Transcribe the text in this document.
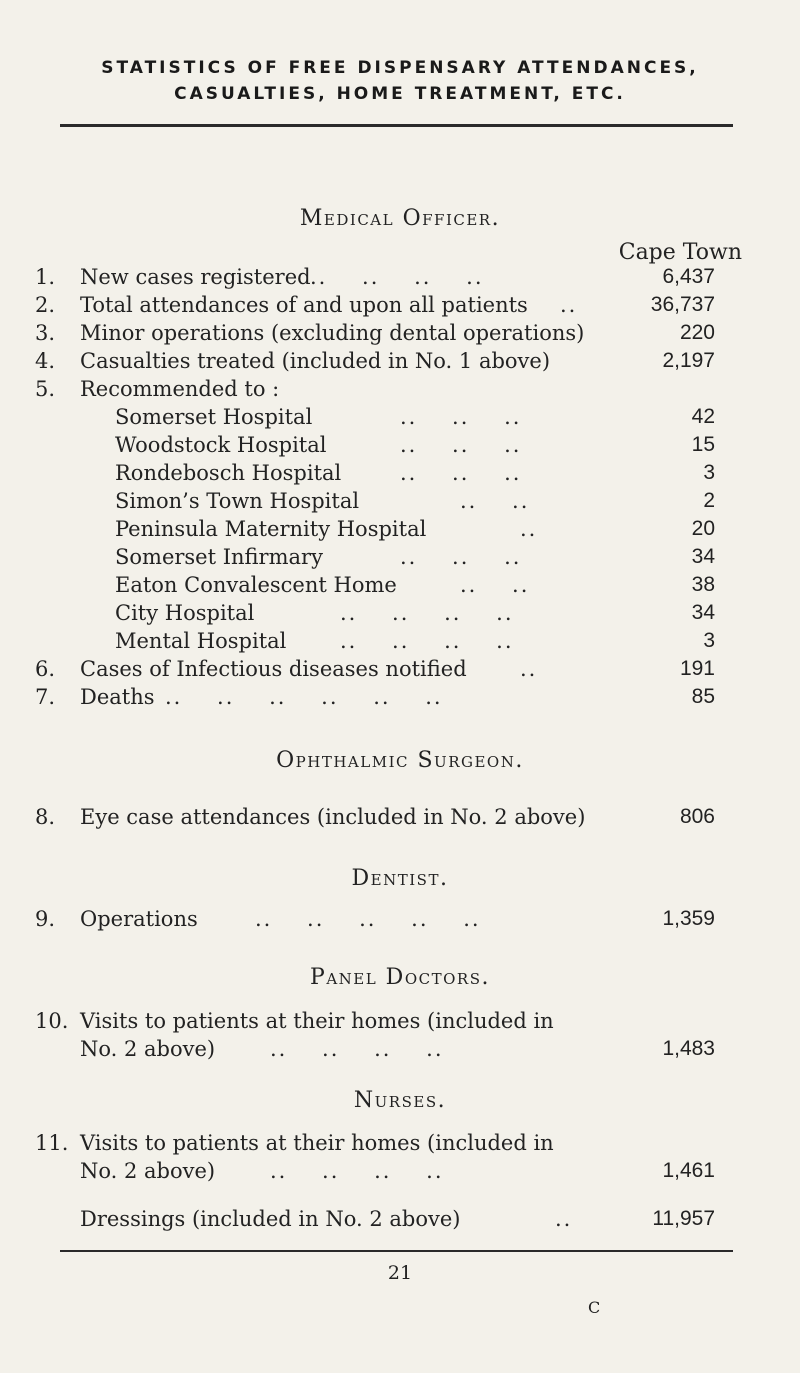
STATISTICS OF FREE DISPENSARY ATTENDANCES,
CASUALTIES, HOME TREATMENT, ETC.
Medical Officer.
Cape Town
1.	New cases registered ..    ..    ..    ..	6,437
2.	Total attendances of and upon all patients ..	36,737
3.	Minor operations (excluding dental operations)	220
4.	Casualties treated (included in No. 1 above)	2,197
5.	Recommended to :
Somerset Hospital	..    ..    ..	42
Woodstock Hospital	..    ..    ..	15
Rondebosch Hospital	..    ..    ..	3
Simon’s Town Hospital	..    ..	2
Peninsula Maternity Hospital	..	20
Somerset Infirmary	..    ..    ..	34
Eaton Convalescent Home	..    ..	38
City Hospital	..    ..    ..    ..	34
Mental Hospital	..    ..    ..    ..	3
6.	Cases of Infectious diseases notified	..	191
7.	Deaths ..    ..    ..    ..    ..    ..	85
Ophthalmic Surgeon.
8.	Eye case attendances (included in No. 2 above)	806
Dentist.
9.	Operations	..    ..    ..    ..    ..	1,359
Panel Doctors.
10. Visits to patients at their homes (included in
No. 2 above)	..    ..    ..    ..	1,483
Nurses.
11. Visits to patients at their homes (included in
No. 2 above)	..    ..    ..    ..	1,461
Dressings (included in No. 2 above)	..	11,957
21
C
